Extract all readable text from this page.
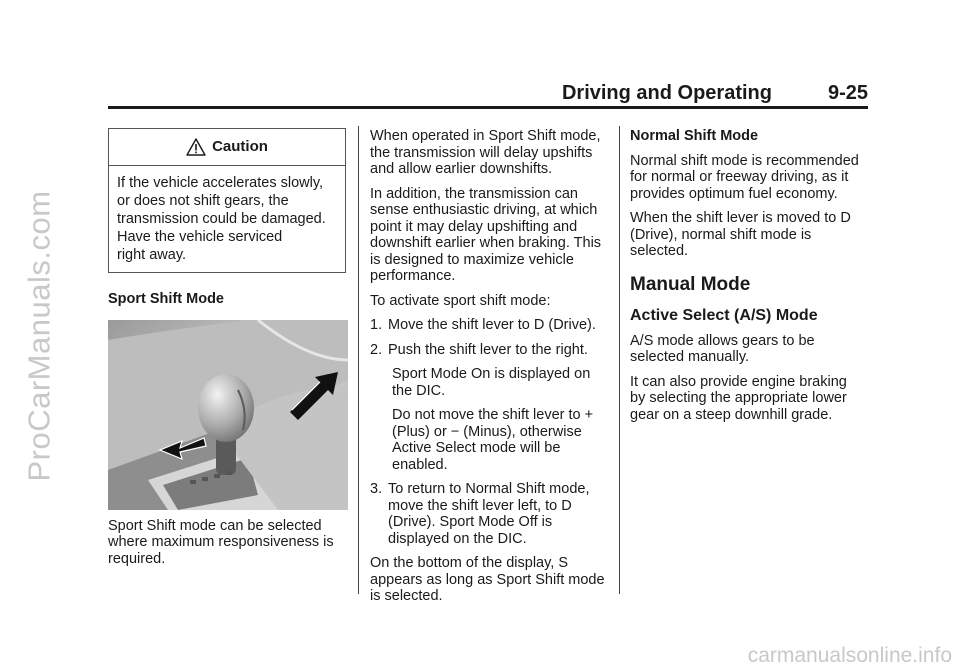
ProCarManuals.com
Driving and Operating	9-25
Caution
If the vehicle accelerates slowly,
or does not shift gears, the
transmission could be damaged.
Have the vehicle serviced
right away.

Sport Shift Mode

Sport Shift mode can be selected where maximum responsiveness is required.

When operated in Sport Shift mode, the transmission will delay upshifts and allow earlier downshifts.

In addition, the transmission can sense enthusiastic driving, at which point it may delay upshifting and downshift earlier when braking. This is designed to maximize vehicle performance.

To activate sport shift mode:

1. Move the shift lever to D (Drive).
2. Push the shift lever to the right.

Sport Mode On is displayed on the DIC.

Do not move the shift lever to + (Plus) or − (Minus), otherwise Active Select mode will be enabled.

3. To return to Normal Shift mode, move the shift lever left, to D (Drive). Sport Mode Off is displayed on the DIC.

On the bottom of the display, S appears as long as Sport Shift mode is selected.

Normal Shift Mode

Normal shift mode is recommended for normal or freeway driving, as it provides optimum fuel economy.

When the shift lever is moved to D (Drive), normal shift mode is selected.

Manual Mode
Active Select (A/S) Mode

A/S mode allows gears to be selected manually.

It can also provide engine braking by selecting the appropriate lower gear on a steep downhill grade.

carmanualsonline.info
